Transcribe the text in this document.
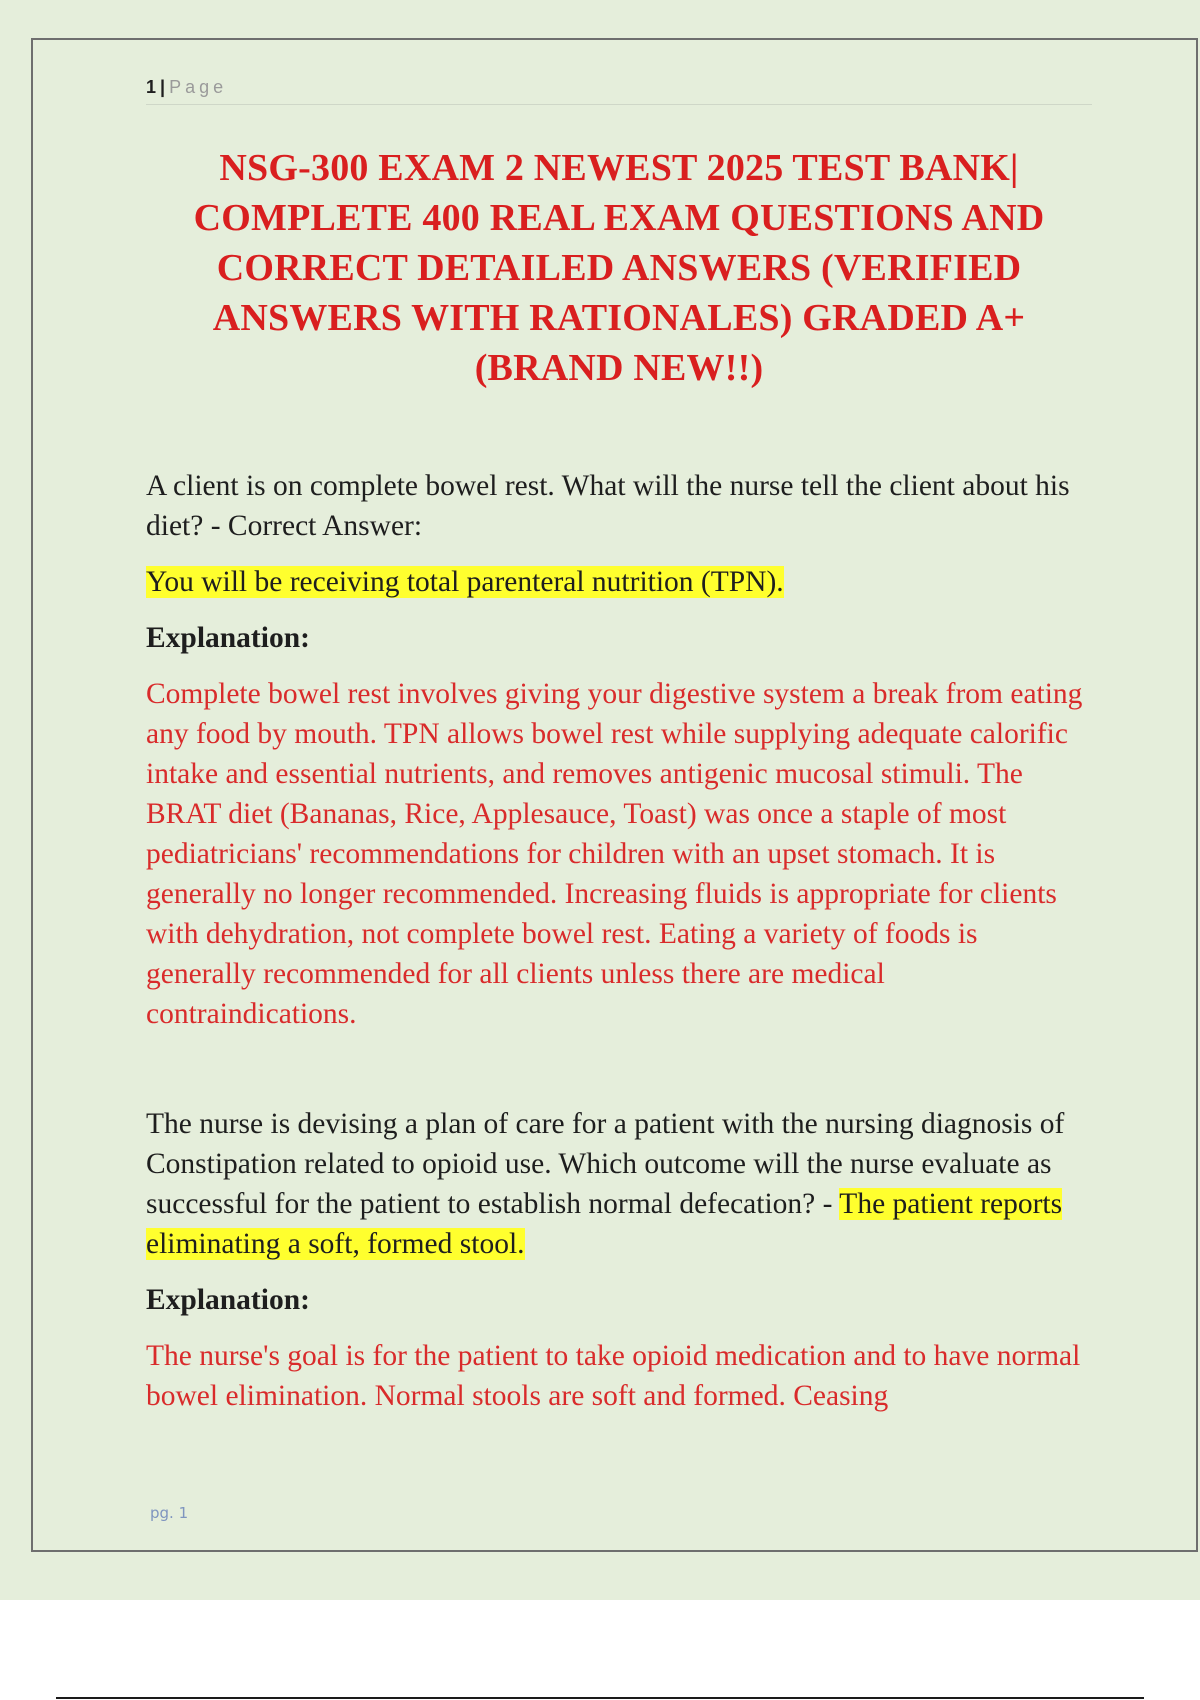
1 | Page
NSG-300 EXAM 2 NEWEST 2025 TEST BANK| COMPLETE 400 REAL EXAM QUESTIONS AND CORRECT DETAILED ANSWERS (VERIFIED ANSWERS WITH RATIONALES) GRADED A+ (BRAND NEW!!)

A client is on complete bowel rest. What will the nurse tell the client about his diet? - Correct Answer:

You will be receiving total parenteral nutrition (TPN).

Explanation:

Complete bowel rest involves giving your digestive system a break from eating any food by mouth. TPN allows bowel rest while supplying adequate calorific intake and essential nutrients, and removes antigenic mucosal stimuli. The BRAT diet (Bananas, Rice, Applesauce, Toast) was once a staple of most pediatricians' recommendations for children with an upset stomach. It is generally no longer recommended. Increasing fluids is appropriate for clients with dehydration, not complete bowel rest. Eating a variety of foods is generally recommended for all clients unless there are medical contraindications.

The nurse is devising a plan of care for a patient with the nursing diagnosis of Constipation related to opioid use. Which outcome will the nurse evaluate as successful for the patient to establish normal defecation? - The patient reports eliminating a soft, formed stool.

Explanation:

The nurse's goal is for the patient to take opioid medication and to have normal bowel elimination. Normal stools are soft and formed. Ceasing

pg. 1
